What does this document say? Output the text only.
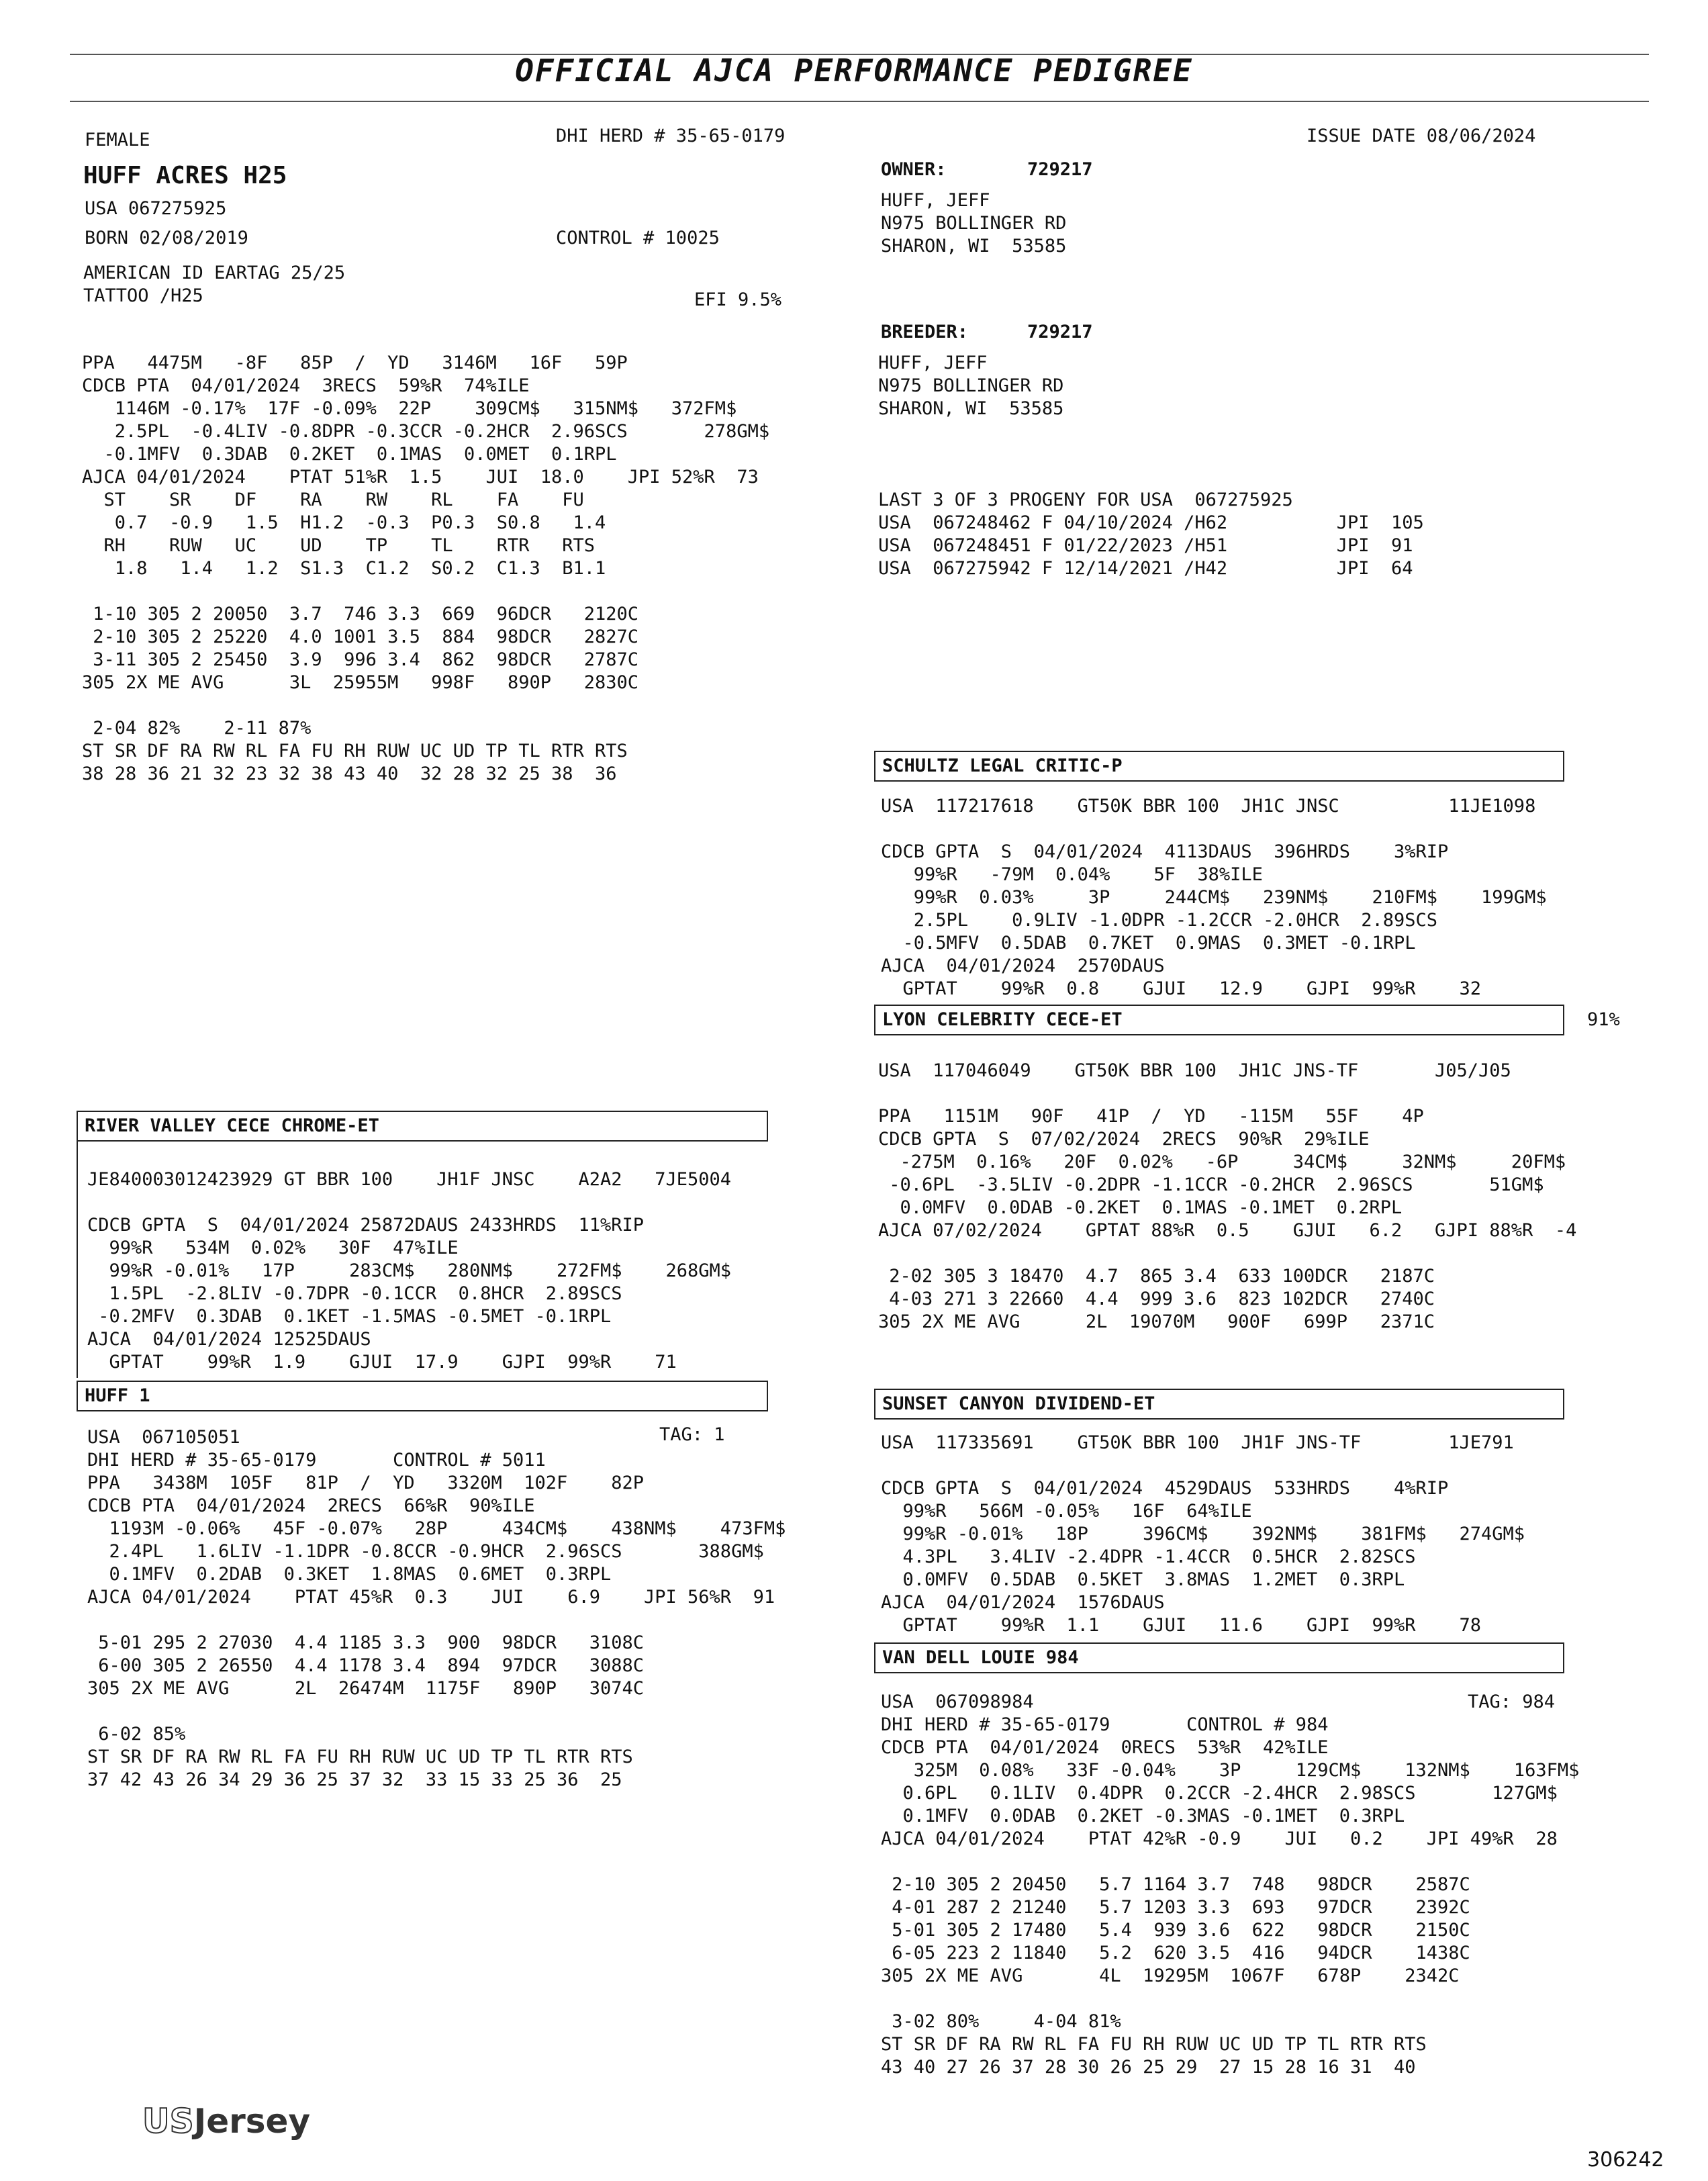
OFFICIAL AJCA PERFORMANCE PEDIGREE
FEMALE	DHI HERD # 35-65-0179	ISSUE DATE 08/06/2024
HUFF ACRES H25
USA 067275925
BORN 02/08/2019	CONTROL # 10025
AMERICAN ID EARTAG 25/25
TATTOO /H25	EFI 9.5%
PPA   4475M   -8F   85P  /  YD   3146M   16F   59P
CDCB PTA  04/01/2024  3RECS  59%R  74%ILE
1146M -0.17%  17F -0.09%  22P    309CM$   315NM$   372FM$
2.5PL  -0.4LIV -0.8DPR -0.3CCR -0.2HCR  2.96SCS       278GM$
-0.1MFV  0.3DAB  0.2KET  0.1MAS  0.0MET  0.1RPL
AJCA 04/01/2024    PTAT 51%R  1.5    JUI  18.0    JPI 52%R  73
ST    SR    DF    RA    RW    RL    FA    FU
0.7  -0.9   1.5  H1.2  -0.3  P0.3  S0.8   1.4
RH    RUW   UC    UD    TP    TL    RTR   RTS
1.8   1.4   1.2  S1.3  C1.2  S0.2  C1.3  B1.1

1-10 305 2 20050  3.7  746 3.3  669  96DCR   2120C
2-10 305 2 25220  4.0 1001 3.5  884  98DCR   2827C
3-11 305 2 25450  3.9  996 3.4  862  98DCR   2787C
305 2X ME AVG      3L  25955M   998F   890P   2830C

2-04 82%    2-11 87%
ST SR DF RA RW RL FA FU RH RUW UC UD TP TL RTR RTS
38 28 36 21 32 23 32 38 43 40  32 28 32 25 38  36
OWNER:	729217
HUFF, JEFF
N975 BOLLINGER RD
SHARON, WI  53585
BREEDER:	729217
HUFF, JEFF
N975 BOLLINGER RD
SHARON, WI  53585
LAST 3 OF 3 PROGENY FOR USA  067275925
USA  067248462 F 04/10/2024 /H62          JPI  105
USA  067248451 F 01/22/2023 /H51          JPI  91
USA  067275942 F 12/14/2021 /H42          JPI  64
SCHULTZ LEGAL CRITIC-P
USA  117217618    GT50K BBR 100  JH1C JNSC          11JE1098

CDCB GPTA  S  04/01/2024  4113DAUS  396HRDS    3%RIP
99%R   -79M  0.04%    5F  38%ILE
99%R  0.03%     3P     244CM$   239NM$    210FM$    199GM$
2.5PL    0.9LIV -1.0DPR -1.2CCR -2.0HCR  2.89SCS
-0.5MFV  0.5DAB  0.7KET  0.9MAS  0.3MET -0.1RPL
AJCA  04/01/2024  2570DAUS
GPTAT    99%R  0.8    GJUI   12.9    GJPI  99%R    32
LYON CELEBRITY CECE-ET	91%
USA  117046049    GT50K BBR 100  JH1C JNS-TF       J05/J05

PPA   1151M   90F   41P  /  YD   -115M   55F    4P
CDCB GPTA  S  07/02/2024  2RECS  90%R  29%ILE
-275M  0.16%   20F  0.02%   -6P     34CM$     32NM$     20FM$
-0.6PL  -3.5LIV -0.2DPR -1.1CCR -0.2HCR  2.96SCS       51GM$
0.0MFV  0.0DAB -0.2KET  0.1MAS -0.1MET  0.2RPL
AJCA 07/02/2024    GPTAT 88%R  0.5    GJUI   6.2   GJPI 88%R  -4

2-02 305 3 18470  4.7  865 3.4  633 100DCR   2187C
4-03 271 3 22660  4.4  999 3.6  823 102DCR   2740C
305 2X ME AVG      2L  19070M   900F   699P   2371C
RIVER VALLEY CECE CHROME-ET
JE840003012423929 GT BBR 100    JH1F JNSC    A2A2   7JE5004

CDCB GPTA  S  04/01/2024 25872DAUS 2433HRDS  11%RIP
99%R   534M  0.02%   30F  47%ILE
99%R -0.01%   17P     283CM$   280NM$    272FM$    268GM$
1.5PL  -2.8LIV -0.7DPR -0.1CCR  0.8HCR  2.89SCS
-0.2MFV  0.3DAB  0.1KET -1.5MAS -0.5MET -0.1RPL
AJCA  04/01/2024 12525DAUS
GPTAT    99%R  1.9    GJUI  17.9    GJPI  99%R    71
HUFF 1
TAG: 1
USA  067105051
DHI HERD # 35-65-0179       CONTROL # 5011
PPA   3438M  105F   81P  /  YD   3320M  102F    82P
CDCB PTA  04/01/2024  2RECS  66%R  90%ILE
1193M -0.06%   45F -0.07%   28P     434CM$    438NM$    473FM$
2.4PL   1.6LIV -1.1DPR -0.8CCR -0.9HCR  2.96SCS       388GM$
0.1MFV  0.2DAB  0.3KET  1.8MAS  0.6MET  0.3RPL
AJCA 04/01/2024    PTAT 45%R  0.3    JUI    6.9    JPI 56%R  91

5-01 295 2 27030  4.4 1185 3.3  900  98DCR   3108C
6-00 305 2 26550  4.4 1178 3.4  894  97DCR   3088C
305 2X ME AVG      2L  26474M  1175F   890P   3074C

6-02 85%
ST SR DF RA RW RL FA FU RH RUW UC UD TP TL RTR RTS
37 42 43 26 34 29 36 25 37 32  33 15 33 25 36  25
SUNSET CANYON DIVIDEND-ET
USA  117335691    GT50K BBR 100  JH1F JNS-TF        1JE791

CDCB GPTA  S  04/01/2024  4529DAUS  533HRDS    4%RIP
99%R   566M -0.05%   16F  64%ILE
99%R -0.01%   18P     396CM$    392NM$    381FM$   274GM$
4.3PL   3.4LIV -2.4DPR -1.4CCR  0.5HCR  2.82SCS
0.0MFV  0.5DAB  0.5KET  3.8MAS  1.2MET  0.3RPL
AJCA  04/01/2024  1576DAUS
GPTAT    99%R  1.1    GJUI   11.6    GJPI  99%R    78
VAN DELL LOUIE 984
TAG: 984
USA  067098984
DHI HERD # 35-65-0179       CONTROL # 984
CDCB PTA  04/01/2024  0RECS  53%R  42%ILE
325M  0.08%   33F -0.04%    3P     129CM$    132NM$    163FM$
0.6PL   0.1LIV  0.4DPR  0.2CCR -2.4HCR  2.98SCS       127GM$
0.1MFV  0.0DAB  0.2KET -0.3MAS -0.1MET  0.3RPL
AJCA 04/01/2024    PTAT 42%R -0.9    JUI   0.2    JPI 49%R  28

2-10 305 2 20450   5.7 1164 3.7  748   98DCR    2587C
4-01 287 2 21240   5.7 1203 3.3  693   97DCR    2392C
5-01 305 2 17480   5.4  939 3.6  622   98DCR    2150C
6-05 223 2 11840   5.2  620 3.5  416   94DCR    1438C
305 2X ME AVG       4L  19295M  1067F   678P    2342C

3-02 80%     4-04 81%
ST SR DF RA RW RL FA FU RH RUW UC UD TP TL RTR RTS
43 40 27 26 37 28 30 26 25 29  27 15 28 16 31  40
USJersey
306242
